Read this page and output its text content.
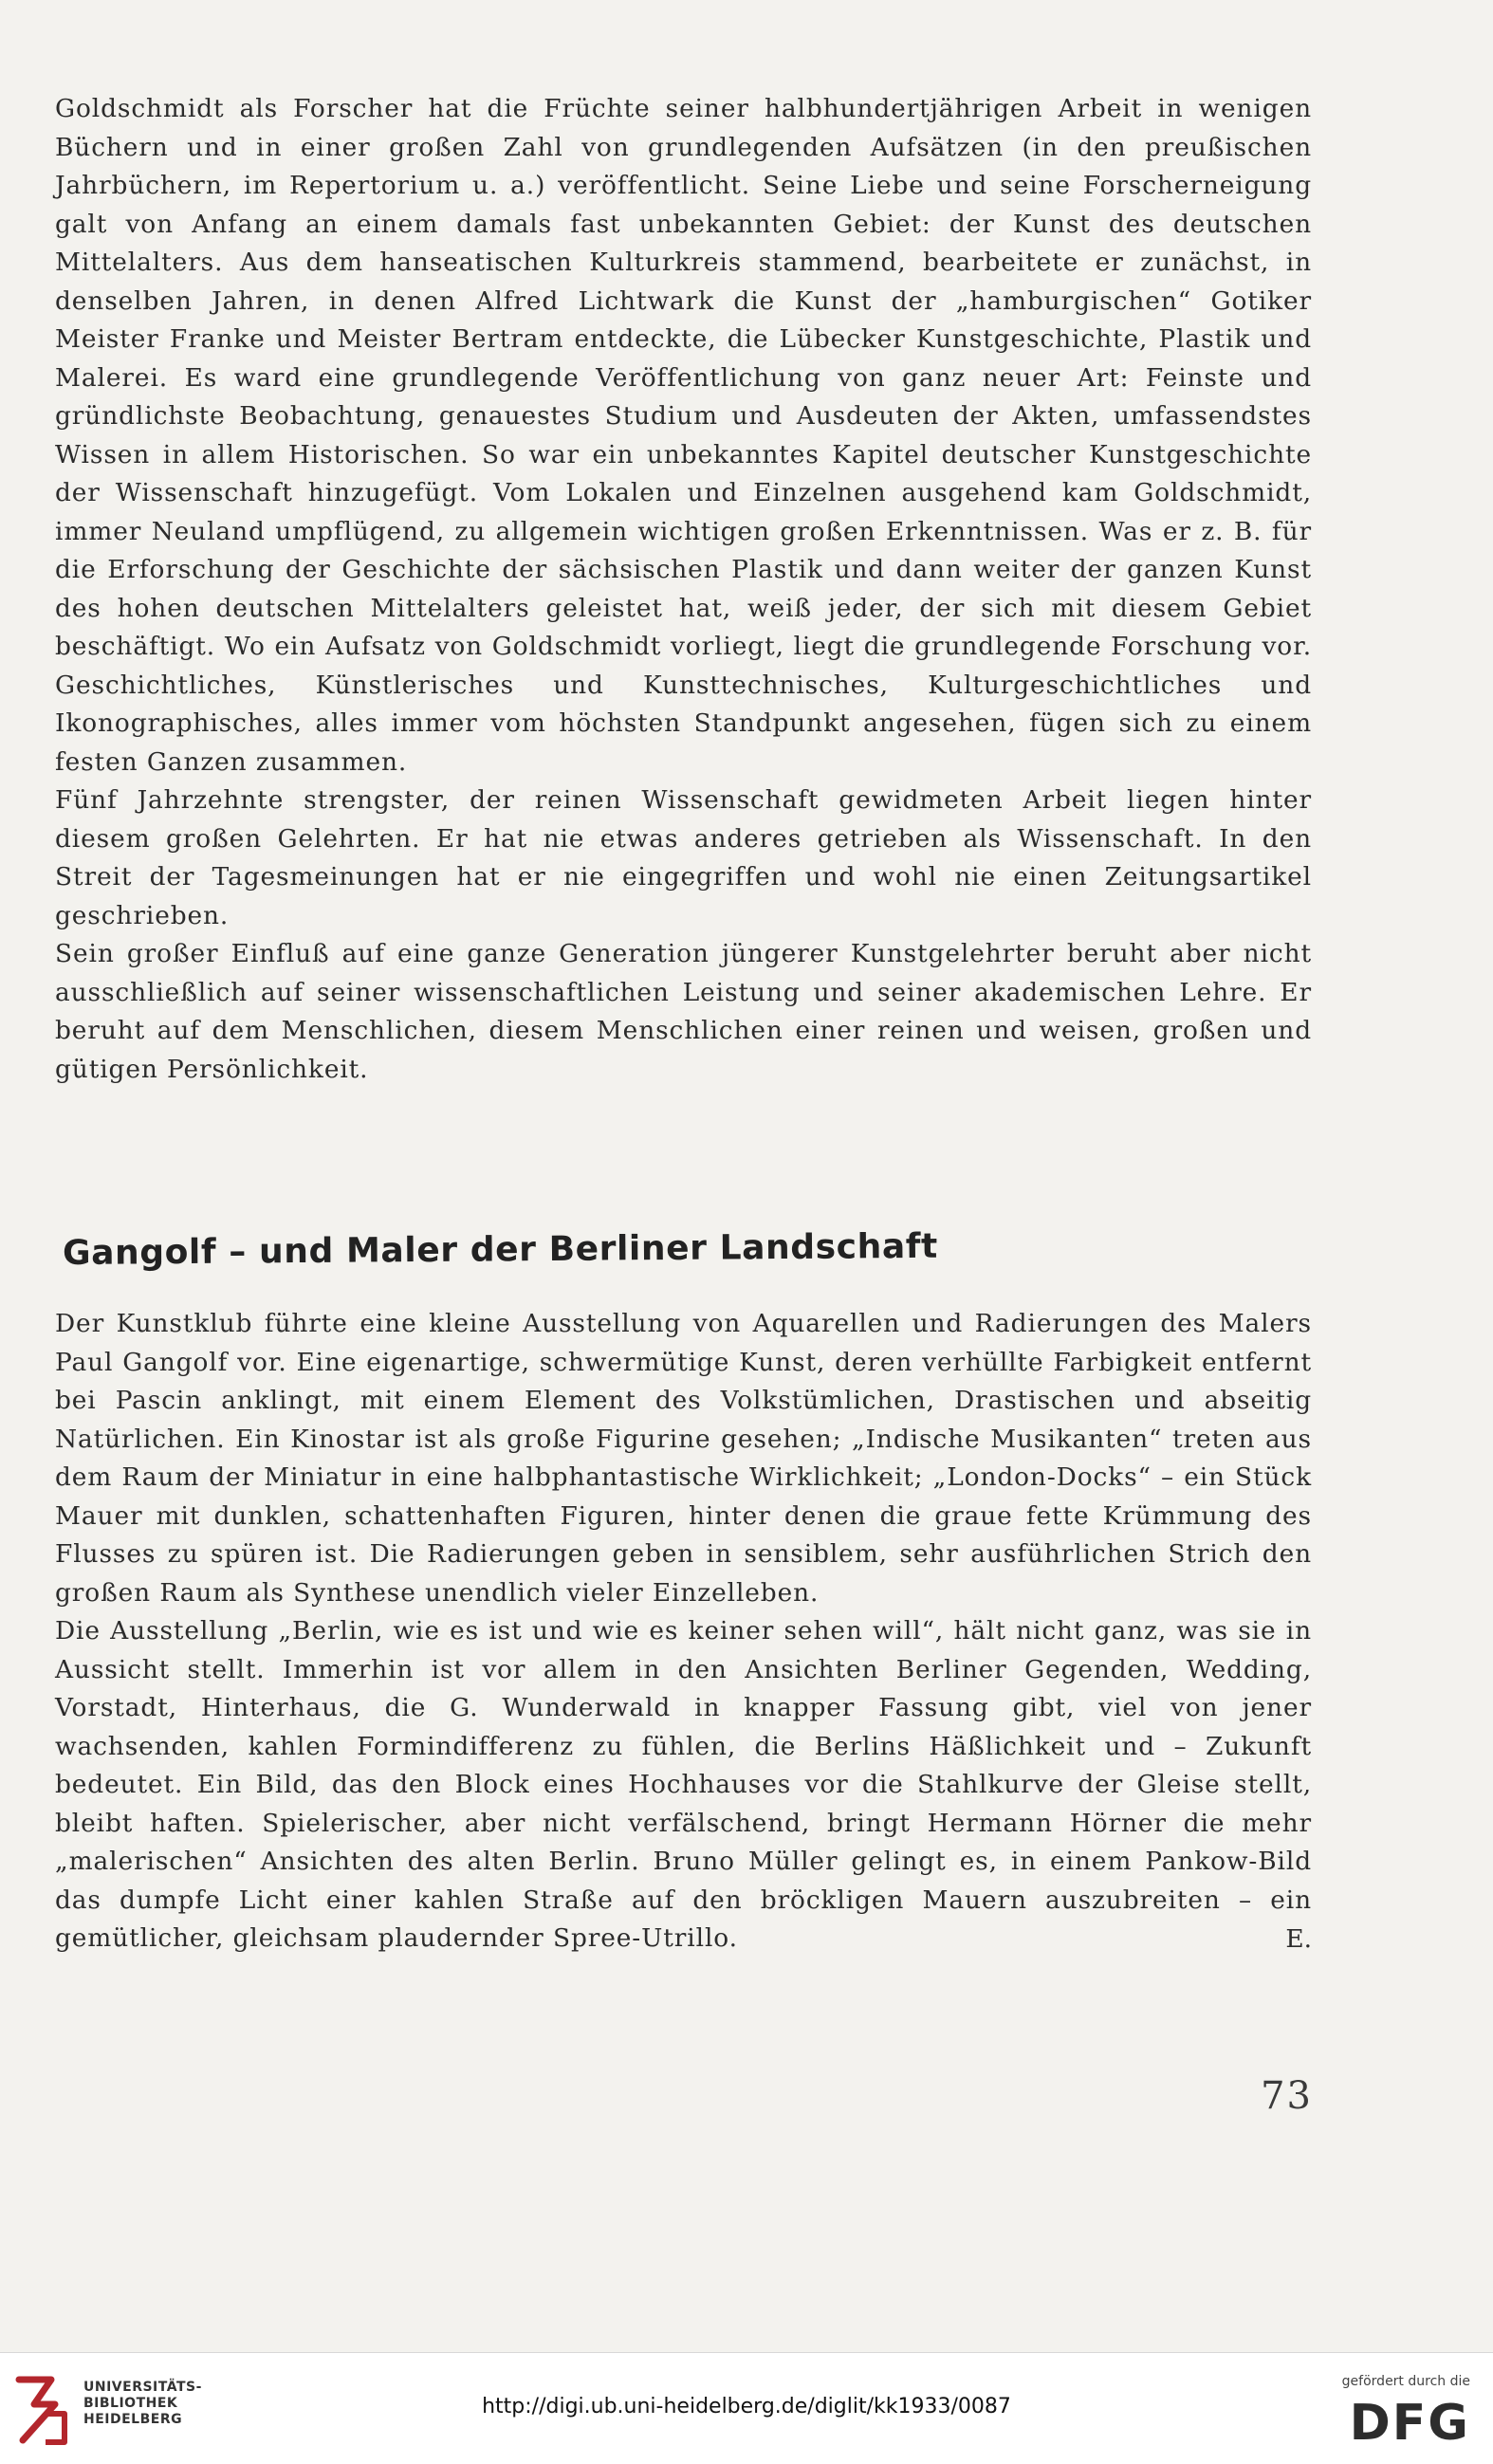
Goldschmidt als Forscher hat die Früchte seiner halbhundertjährigen Arbeit in wenigen Büchern und in einer großen Zahl von grundlegenden Aufsätzen (in den preußischen Jahrbüchern, im Repertorium u. a.) veröffentlicht. Seine Liebe und seine Forscherneigung galt von Anfang an einem damals fast unbekannten Gebiet: der Kunst des deutschen Mittelalters. Aus dem hanseatischen Kulturkreis stammend, bearbeitete er zunächst, in denselben Jahren, in denen Alfred Lichtwark die Kunst der „hamburgischen“ Gotiker Meister Franke und Meister Bertram entdeckte, die Lübecker Kunstgeschichte, Plastik und Malerei. Es ward eine grundlegende Veröffentlichung von ganz neuer Art: Feinste und gründlichste Beobachtung, genauestes Studium und Ausdeuten der Akten, umfassendstes Wissen in allem Historischen. So war ein unbekanntes Kapitel deutscher Kunstgeschichte der Wissenschaft hinzugefügt. Vom Lokalen und Einzelnen ausgehend kam Goldschmidt, immer Neuland umpflügend, zu allgemein wichtigen großen Erkenntnissen. Was er z. B. für die Erforschung der Geschichte der sächsischen Plastik und dann weiter der ganzen Kunst des hohen deutschen Mittelalters geleistet hat, weiß jeder, der sich mit diesem Gebiet beschäftigt. Wo ein Aufsatz von Goldschmidt vorliegt, liegt die grundlegende Forschung vor. Geschichtliches, Künstlerisches und Kunsttechnisches, Kulturgeschichtliches und Ikonographisches, alles immer vom höchsten Standpunkt angesehen, fügen sich zu einem festen Ganzen zusammen.

Fünf Jahrzehnte strengster, der reinen Wissenschaft gewidmeten Arbeit liegen hinter diesem großen Gelehrten. Er hat nie etwas anderes getrieben als Wissenschaft. In den Streit der Tagesmeinungen hat er nie eingegriffen und wohl nie einen Zeitungsartikel geschrieben.

Sein großer Einfluß auf eine ganze Generation jüngerer Kunstgelehrter beruht aber nicht ausschließlich auf seiner wissenschaftlichen Leistung und seiner akademischen Lehre. Er beruht auf dem Menschlichen, diesem Menschlichen einer reinen und weisen, großen und gütigen Persönlichkeit.

Gangolf – und Maler der Berliner Landschaft

Der Kunstklub führte eine kleine Ausstellung von Aquarellen und Radierungen des Malers Paul Gangolf vor. Eine eigenartige, schwermütige Kunst, deren verhüllte Farbigkeit entfernt bei Pascin anklingt, mit einem Element des Volkstümlichen, Drastischen und abseitig Natürlichen. Ein Kinostar ist als große Figurine gesehen; „Indische Musikanten“ treten aus dem Raum der Miniatur in eine halbphantastische Wirklichkeit; „London-Docks“ – ein Stück Mauer mit dunklen, schattenhaften Figuren, hinter denen die graue fette Krümmung des Flusses zu spüren ist. Die Radierungen geben in sensiblem, sehr ausführlichen Strich den großen Raum als Synthese unendlich vieler Einzelleben.

Die Ausstellung „Berlin, wie es ist und wie es keiner sehen will“, hält nicht ganz, was sie in Aussicht stellt. Immerhin ist vor allem in den Ansichten Berliner Gegenden, Wedding, Vorstadt, Hinterhaus, die G. Wunderwald in knapper Fassung gibt, viel von jener wachsenden, kahlen Formindifferenz zu fühlen, die Berlins Häßlichkeit und – Zukunft bedeutet. Ein Bild, das den Block eines Hochhauses vor die Stahlkurve der Gleise stellt, bleibt haften. Spielerischer, aber nicht verfälschend, bringt Hermann Hörner die mehr „malerischen“ Ansichten des alten Berlin. Bruno Müller gelingt es, in einem Pankow-Bild das dumpfe Licht einer kahlen Straße auf den bröckligen Mauern auszubreiten – ein gemütlicher, gleichsam plaudernder Spree-Utrillo.	E.
73
UNIVERSITÄTS-
BIBLIOTHEK
HEIDELBERG
http://digi.ub.uni-heidelberg.de/diglit/kk1933/0087
gefördert durch die
DFG
